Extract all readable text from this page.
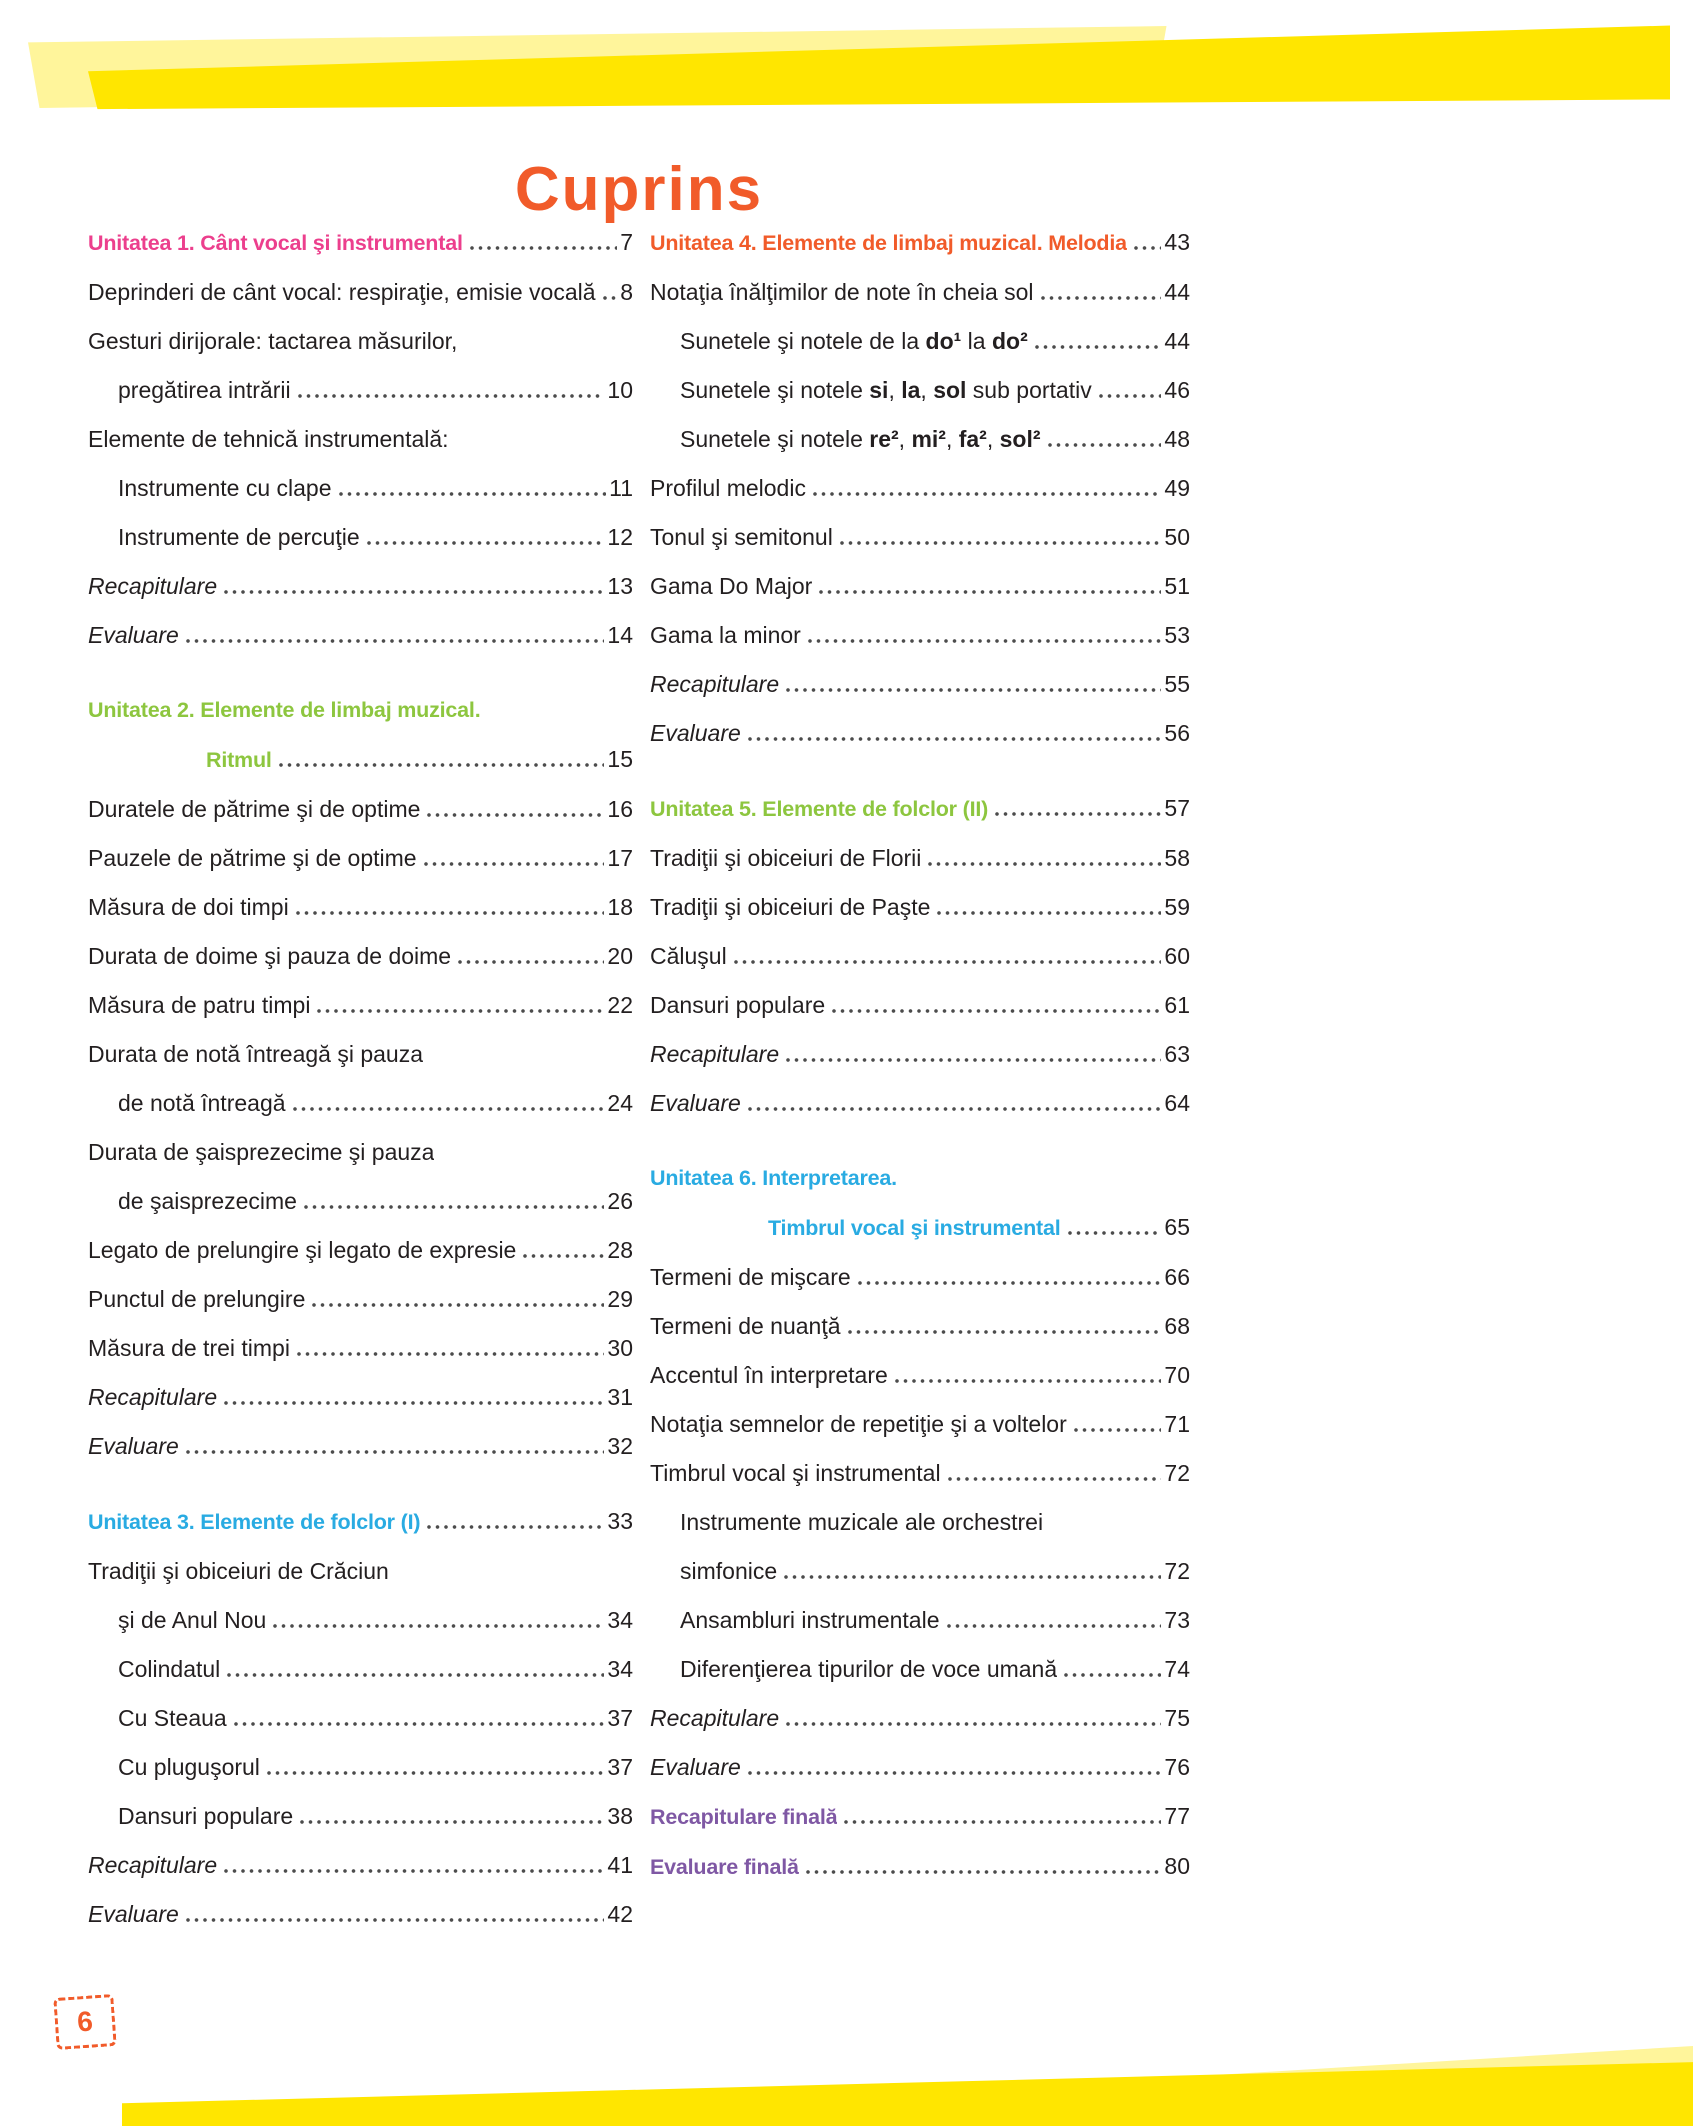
Cuprins
Unitatea 1. Cânt vocal şi instrumental	7
Deprinderi de cânt vocal: respiraţie, emisie vocală 8
Gesturi dirijorale: tactarea măsurilor,
pregătirea intrării	10
Elemente de tehnică instrumentală:
Instrumente cu clape	11
Instrumente de percuţie	12
Recapitulare	13
Evaluare	14
Unitatea 2. Elemente de limbaj muzical.
Ritmul	15
Duratele de pătrime şi de optime	16
Pauzele de pătrime şi de optime	17
Măsura de doi timpi	18
Durata de doime şi pauza de doime	20
Măsura de patru timpi	22
Durata de notă întreagă şi pauza
de notă întreagă	24
Durata de şaisprezecime şi pauza
de şaisprezecime	26
Legato de prelungire şi legato de expresie	28
Punctul de prelungire	29
Măsura de trei timpi	30
Recapitulare	31
Evaluare	32
Unitatea 3. Elemente de folclor (I)	33
Tradiţii şi obiceiuri de Crăciun
şi de Anul Nou	34
Colindatul	34
Cu Steaua	37
Cu pluguşorul	37
Dansuri populare	38
Recapitulare	41
Evaluare	42
Unitatea 4. Elemente de limbaj muzical. Melodia 43
Notaţia înălţimilor de note în cheia sol	44
Sunetele şi notele de la do¹ la do²	44
Sunetele şi notele si, la, sol sub portativ	46
Sunetele şi notele re², mi², fa², sol²	48
Profilul melodic	49
Tonul şi semitonul	50
Gama Do Major	51
Gama la minor	53
Recapitulare	55
Evaluare	56
Unitatea 5. Elemente de folclor (II)	57
Tradiţii şi obiceiuri de Florii	58
Tradiţii şi obiceiuri de Paşte	59
Căluşul	60
Dansuri populare	61
Recapitulare	63
Evaluare	64
Unitatea 6. Interpretarea.
Timbrul vocal şi instrumental	65
Termeni de mişcare	66
Termeni de nuanţă	68
Accentul în interpretare	70
Notaţia semnelor de repetiţie şi a voltelor	71
Timbrul vocal şi instrumental	72
Instrumente muzicale ale orchestrei
simfonice	72
Ansambluri instrumentale	73
Diferenţierea tipurilor de voce umană	74
Recapitulare	75
Evaluare	76
Recapitulare finală	77
Evaluare finală	80
6
